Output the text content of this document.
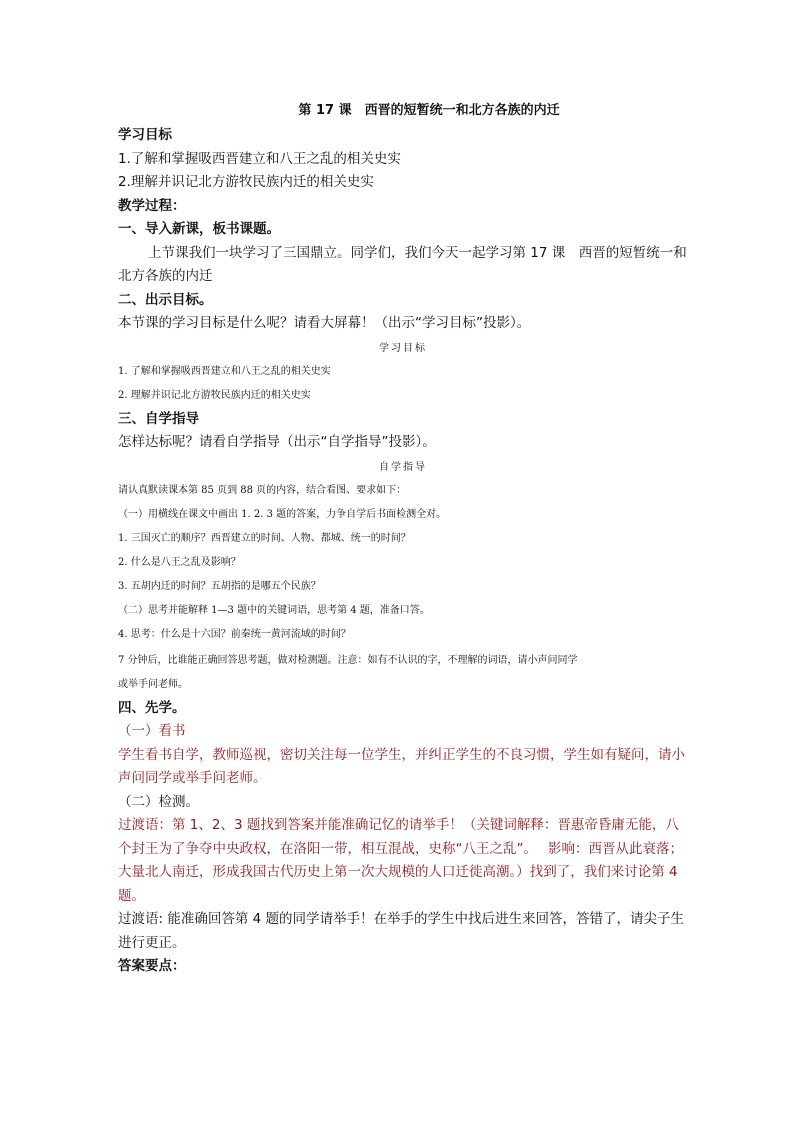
第 17 课　西晋的短暂统一和北方各族的内迁

学习目标

1.了解和掌握吸西晋建立和八王之乱的相关史实

2.理解并识记北方游牧民族内迁的相关史实

教学过程：

一、导入新课，板书课题。

上节课我们一块学习了三国鼎立。同学们，我们今天一起学习第 17 课　西晋的短暂统一和北方各族的内迁

二、出示目标。

本节课的学习目标是什么呢？请看大屏幕！（出示“学习目标”投影）。

学习目标

1. 了解和掌握吸西晋建立和八王之乱的相关史实

2. 理解并识记北方游牧民族内迁的相关史实

三、自学指导

怎样达标呢？请看自学指导（出示“自学指导”投影）。

自学指导

请认真默读课本第 85 页到 88 页的内容，结合看图、要求如下：

（一）用横线在课文中画出 1. 2. 3 题的答案，力争自学后书面检测全对。

1. 三国灭亡的顺序？西晋建立的时间、人物、都城、统一的时间？

2. 什么是八王之乱及影响？

3. 五胡内迁的时间？五胡指的是哪五个民族？

（二）思考并能解释 1—3 题中的关键词语，思考第 4 题，准备口答。

4. 思考：什么是十六国？前秦统一黄河流域的时间？

7 分钟后，比谁能正确回答思考题，做对检测题。注意：如有不认识的字，不理解的词语，请小声问同学

或举手问老师。

四、先学。

（一）看书

学生看书自学，教师巡视，密切关注每一位学生，并纠正学生的不良习惯，学生如有疑问，请小声问同学或举手问老师。

（二）检测。

过渡语：第 1、2、3 题找到答案并能准确记忆的请举手！（关键词解释：晋惠帝昏庸无能，八个封王为了争夺中央政权，在洛阳一带，相互混战，史称“八王之乱”。　 影响：西晋从此衰落；大量北人南迁，形成我国古代历史上第一次大规模的人口迁徙高潮。）找到了，我们来讨论第 4 题。

过渡语: 能准确回答第 4 题的同学请举手！在举手的学生中找后进生来回答，答错了，请尖子生进行更正。

答案要点：
